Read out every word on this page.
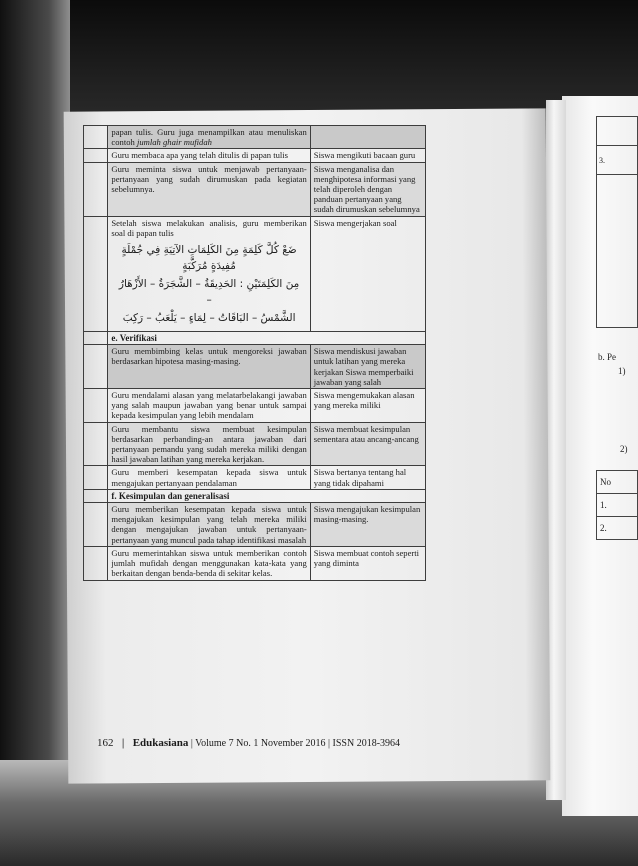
	papan tulis. Guru juga menampilkan atau menuliskan contoh jumlah ghair mufidah	
	Guru membaca apa yang telah ditulis di papan tulis	Siswa mengikuti bacaan guru
	Guru meminta siswa untuk menjawab pertanyaan-pertanyaan yang sudah dirumuskan pada kegiatan sebelumnya.	Siswa menganalisa dan menghipotesa informasi yang telah diperoleh dengan panduan pertanyaan yang sudah dirumuskan sebelumnya
	Setelah siswa melakukan analisis, guru memberikan soal di papan tulis
ضَعْ كُلَّ كَلِمَةٍ مِنَ الكَلِمَاتِ الآتِيَةِ فِي جُمْلَةٍ مُفِيدَةٍ مُرَكَّبَةٍ
مِنَ الكَلِمَتَيْنِ : الحَدِيقَةُ – الشَّجَرَةُ – الأَزْهَارُ –
الشَّمْسُ – البَاقَاتُ – لِمَاءٍ – يَلْعَبُ – رَكِبَ	Siswa mengerjakan soal
	e. Verifikasi	
	Guru membimbing kelas untuk mengoreksi jawaban berdasarkan hipotesa masing-masing.	Siswa mendiskusi jawaban untuk latihan yang mereka kerjakan Siswa memperbaiki jawaban yang salah
	Guru mendalami alasan yang melatarbelakangi jawaban yang salah maupun jawaban yang benar untuk sampai kepada kesimpulan yang lebih mendalam	Siswa mengemukakan alasan yang mereka miliki
	Guru membantu siswa membuat kesimpulan berdasarkan perbanding-an antara jawaban dari pertanyaan pemandu yang sudah mereka miliki dengan hasil jawaban latihan yang mereka kerjakan.	Siswa membuat kesimpulan sementara atau ancang-ancang
	Guru memberi kesempatan kepada siswa untuk mengajukan pertanyaan pendalaman	Siswa bertanya tentang hal yang tidak dipahami
	f. Kesimpulan dan generalisasi	
	Guru memberikan kesempatan kepada siswa untuk mengajukan kesimpulan yang telah mereka miliki dengan mengajukan jawaban untuk pertanyaan-pertanyaan yang muncul pada tahap identifikasi masalah	Siswa mengajukan kesimpulan masing-masing.
	Guru memerintahkan siswa untuk memberikan contoh jumlah mufidah dengan menggunakan kata-kata yang berkaitan dengan benda-benda di sekitar kelas.	Siswa membuat contoh seperti yang diminta
162 | Edukasiana | Volume 7 No. 1 November 2016 | ISSN 2018-3964

3.

b. Pe
1)
2)
No
1.
2.
